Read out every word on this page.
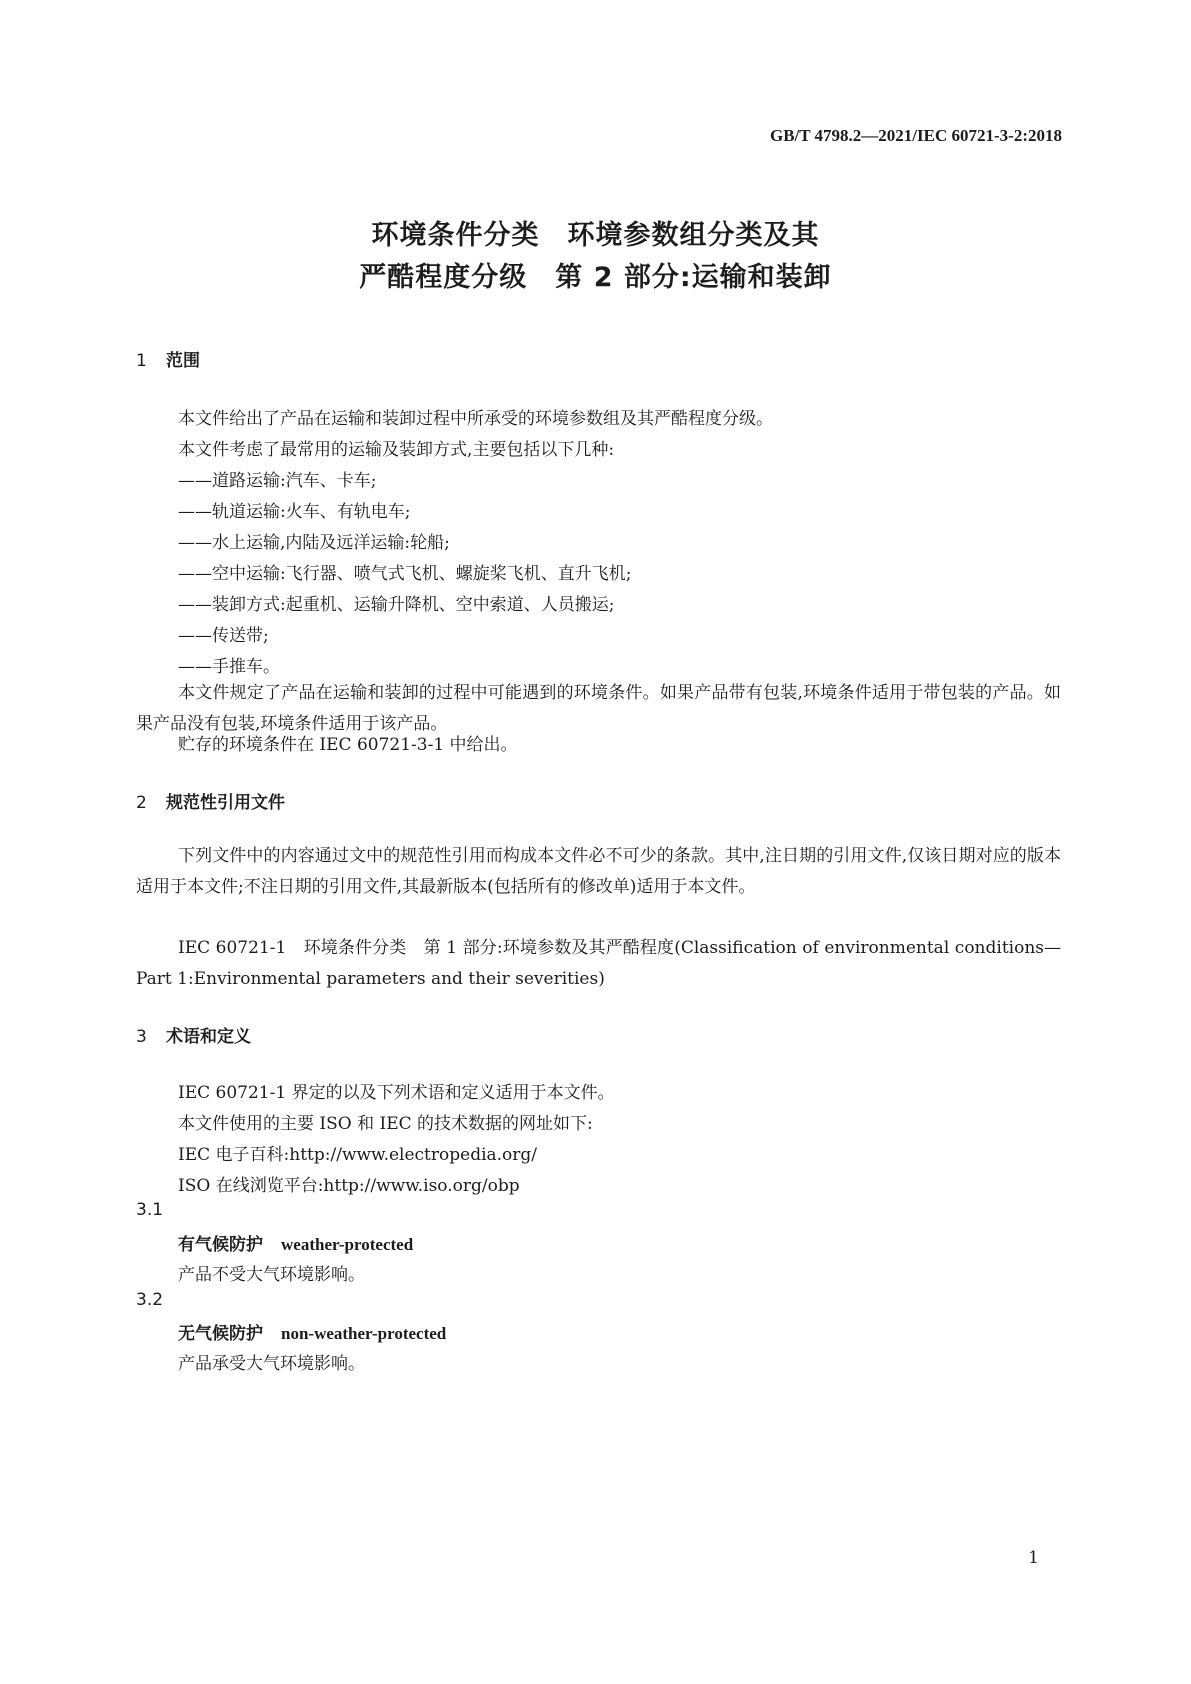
GB/T 4798.2—2021/IEC 60721-3-2:2018
环境条件分类　环境参数组分类及其
严酷程度分级　第 2 部分:运输和装卸
1 范围
本文件给出了产品在运输和装卸过程中所承受的环境参数组及其严酷程度分级。
本文件考虑了最常用的运输及装卸方式,主要包括以下几种:
——道路运输:汽车、卡车;
——轨道运输:火车、有轨电车;
——水上运输,内陆及远洋运输:轮船;
——空中运输:飞行器、喷气式飞机、螺旋桨飞机、直升飞机;
——装卸方式:起重机、运输升降机、空中索道、人员搬运;
——传送带;
——手推车。
本文件规定了产品在运输和装卸的过程中可能遇到的环境条件。如果产品带有包装,环境条件适用于带包装的产品。如果产品没有包装,环境条件适用于该产品。
贮存的环境条件在 IEC 60721-3-1 中给出。
2 规范性引用文件
下列文件中的内容通过文中的规范性引用而构成本文件必不可少的条款。其中,注日期的引用文件,仅该日期对应的版本适用于本文件;不注日期的引用文件,其最新版本(包括所有的修改单)适用于本文件。
IEC 60721-1　环境条件分类　第 1 部分:环境参数及其严酷程度(Classification of environmental conditions—Part 1:Environmental parameters and their severities)
3 术语和定义
IEC 60721-1 界定的以及下列术语和定义适用于本文件。
本文件使用的主要 ISO 和 IEC 的技术数据的网址如下:
IEC 电子百科:http://www.electropedia.org/
ISO 在线浏览平台:http://www.iso.org/obp
3.1
有气候防护 weather-protected
产品不受大气环境影响。
3.2
无气候防护 non-weather-protected
产品承受大气环境影响。
1
